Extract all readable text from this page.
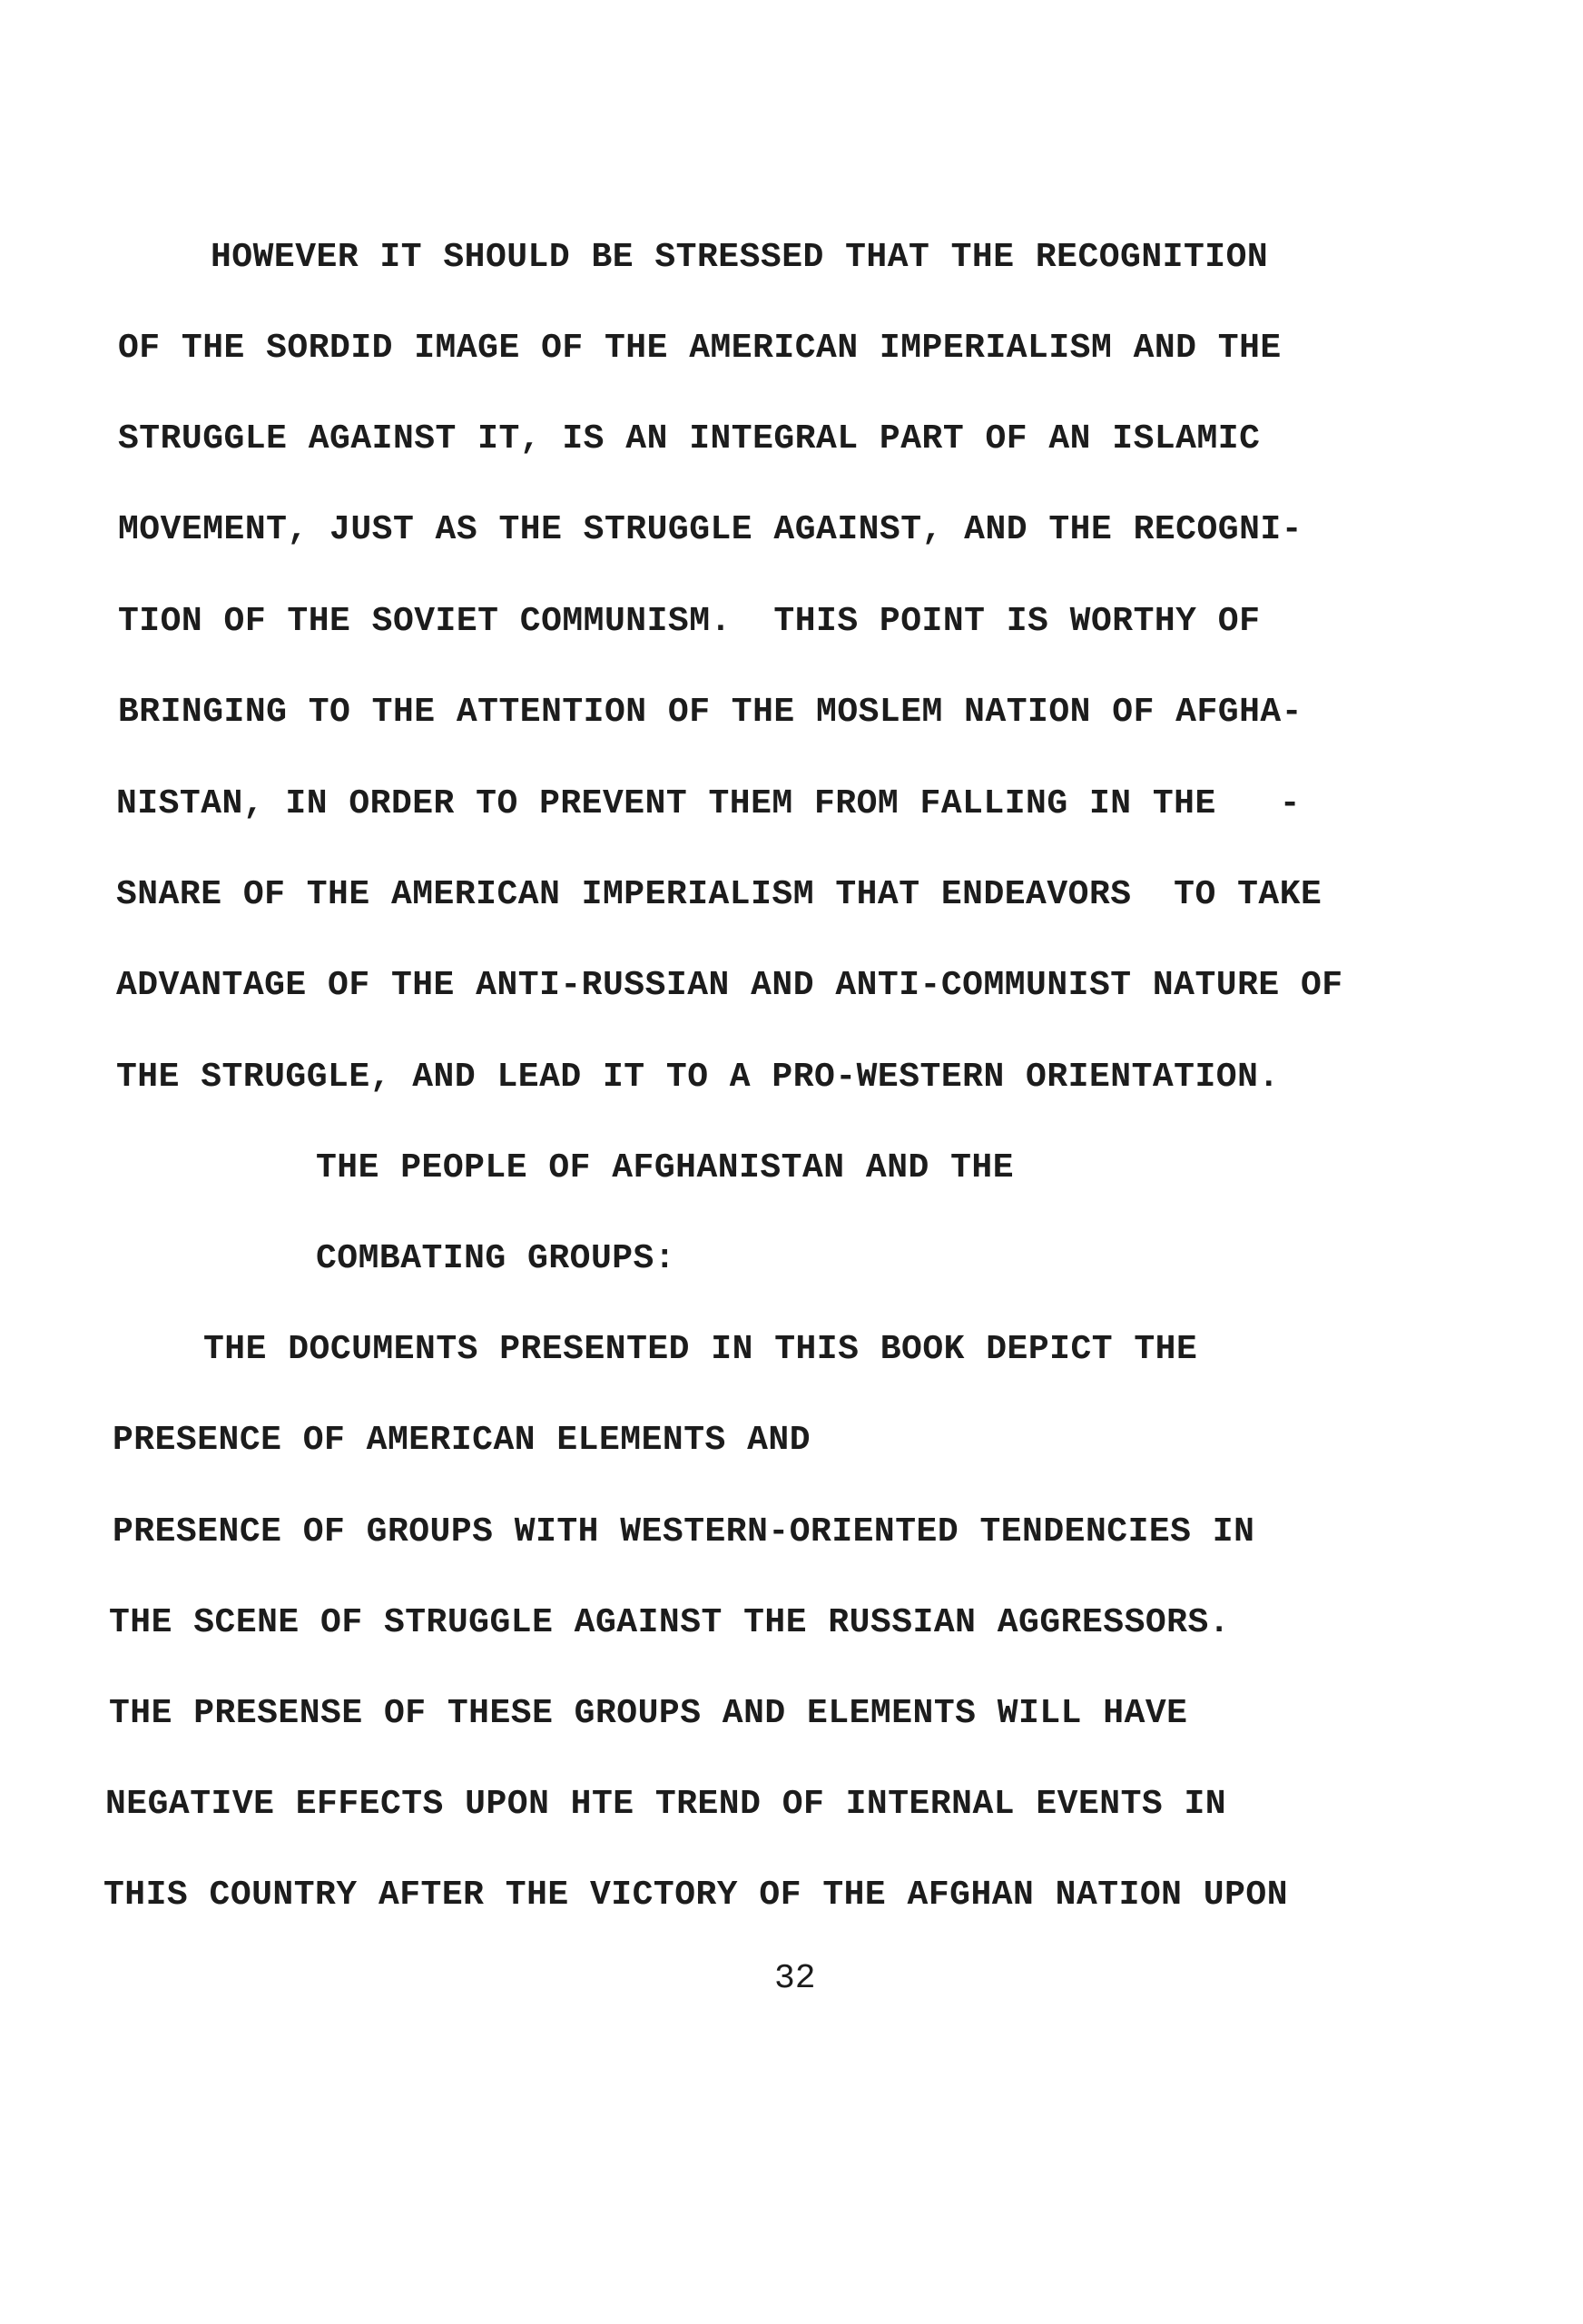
HOWEVER IT SHOULD BE STRESSED THAT THE RECOGNITION
OF THE SORDID IMAGE OF THE AMERICAN IMPERIALISM AND THE
STRUGGLE AGAINST IT, IS AN INTEGRAL PART OF AN ISLAMIC
MOVEMENT, JUST AS THE STRUGGLE AGAINST, AND THE RECOGNI-
TION OF THE SOVIET COMMUNISM.  THIS POINT IS WORTHY OF
BRINGING TO THE ATTENTION OF THE MOSLEM NATION OF AFGHA-
NISTAN, IN ORDER TO PREVENT THEM FROM FALLING IN THE   -
SNARE OF THE AMERICAN IMPERIALISM THAT ENDEAVORS  TO TAKE
ADVANTAGE OF THE ANTI-RUSSIAN AND ANTI-COMMUNIST NATURE OF
THE STRUGGLE, AND LEAD IT TO A PRO-WESTERN ORIENTATION.
THE PEOPLE OF AFGHANISTAN AND THE
COMBATING GROUPS:
THE DOCUMENTS PRESENTED IN THIS BOOK DEPICT THE
PRESENCE OF AMERICAN ELEMENTS AND
PRESENCE OF GROUPS WITH WESTERN-ORIENTED TENDENCIES IN
THE SCENE OF STRUGGLE AGAINST THE RUSSIAN AGGRESSORS.
THE PRESENSE OF THESE GROUPS AND ELEMENTS WILL HAVE
NEGATIVE EFFECTS UPON HTE TREND OF INTERNAL EVENTS IN
THIS COUNTRY AFTER THE VICTORY OF THE AFGHAN NATION UPON
32
